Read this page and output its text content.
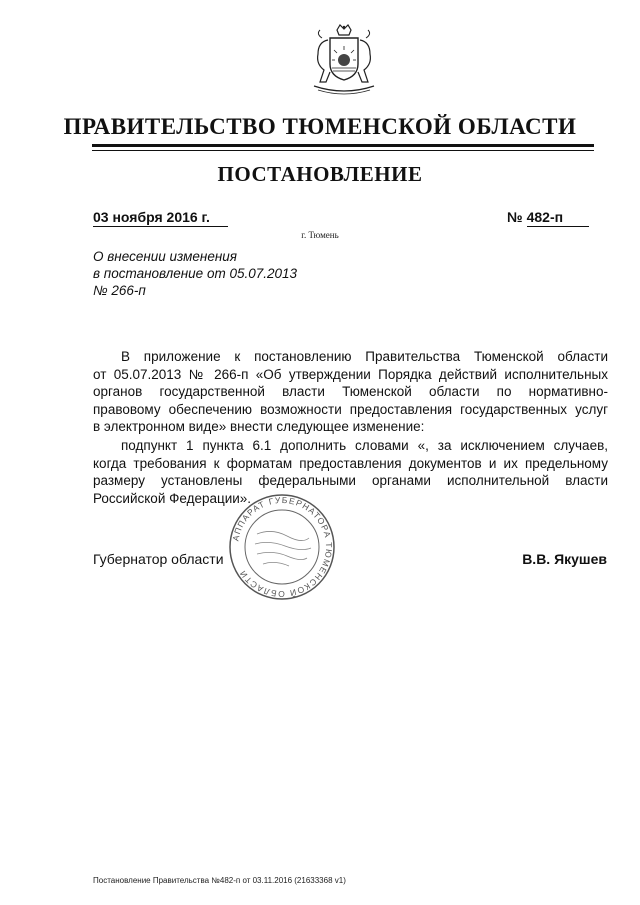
ПРАВИТЕЛЬСТВО ТЮМЕНСКОЙ ОБЛАСТИ
ПОСТАНОВЛЕНИЕ
03 ноября 2016 г.	№ 482-п
г. Тюмень
О внесении изменения
в постановление от 05.07.2013
№ 266-п
В приложение к постановлению Правительства Тюменской области
от 05.07.2013 № 266-п «Об утверждении Порядка действий исполнительных
органов государственной власти Тюменской области по нормативно-
правовому обеспечению возможности предоставления государственных услуг
в электронном виде» внести следующее изменение:
подпункт 1 пункта 6.1 дополнить словами «, за исключением случаев,
когда требования к форматам предоставления документов и их предельному
размеру установлены федеральными органами исполнительной власти
Российской Федерации».
Губернатор области
АППАРАТ ГУБЕРНАТОРА ТЮМЕНСКОЙ ОБЛАСТИ
В.В. Якушев
Постановление Правительства №482-п от 03.11.2016 (21633368 v1)
